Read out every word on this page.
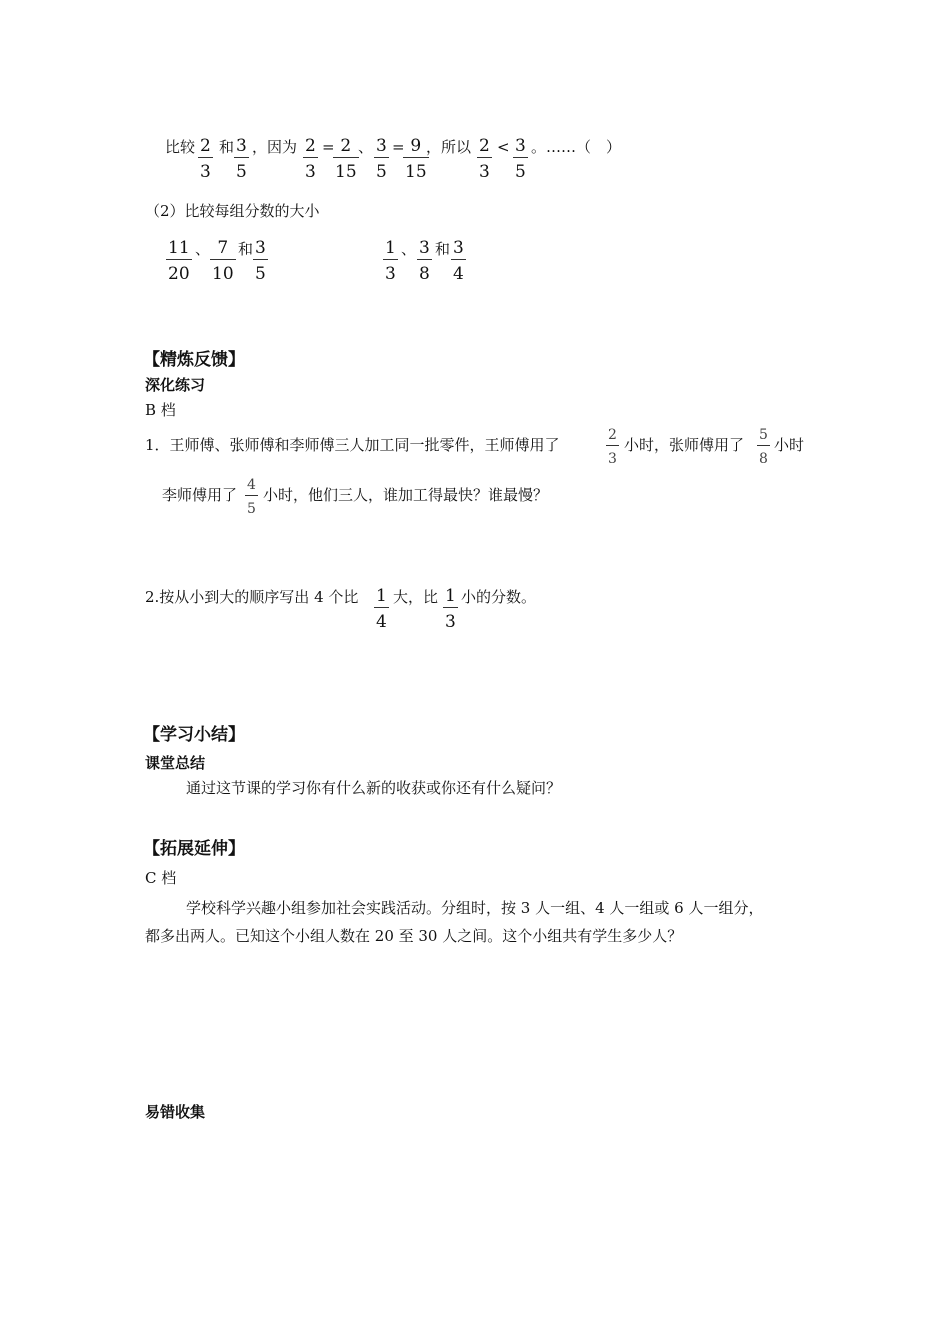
比较 2
3
和 3
5
，因为 2
3
= 2
15
、 3
5
= 9
15
，所以 2
3
< 3
5
。……（　）
（2）比较每组分数的大小
11
20
、 7
10
和 3
5
1
3
、 3
8
和 3
4
【精炼反馈】
深化练习
B 档
1．王师傅、张师傅和李师傅三人加工同一批零件，王师傅用了
2
3
小时，张师傅用了
5
8
小时
李师傅用了
4
5
小时，他们三人，谁加工得最快？谁最慢？
2.按从小到大的顺序写出 4 个比 1
4
大，比 1
3
小的分数。
【学习小结】
课堂总结
通过这节课的学习你有什么新的收获或你还有什么疑问？
【拓展延伸】
C 档
学校科学兴趣小组参加社会实践活动。分组时，按 3 人一组、4 人一组或 6 人一组分，
都多出两人。已知这个小组人数在 20 至 30 人之间。这个小组共有学生多少人？
易错收集
